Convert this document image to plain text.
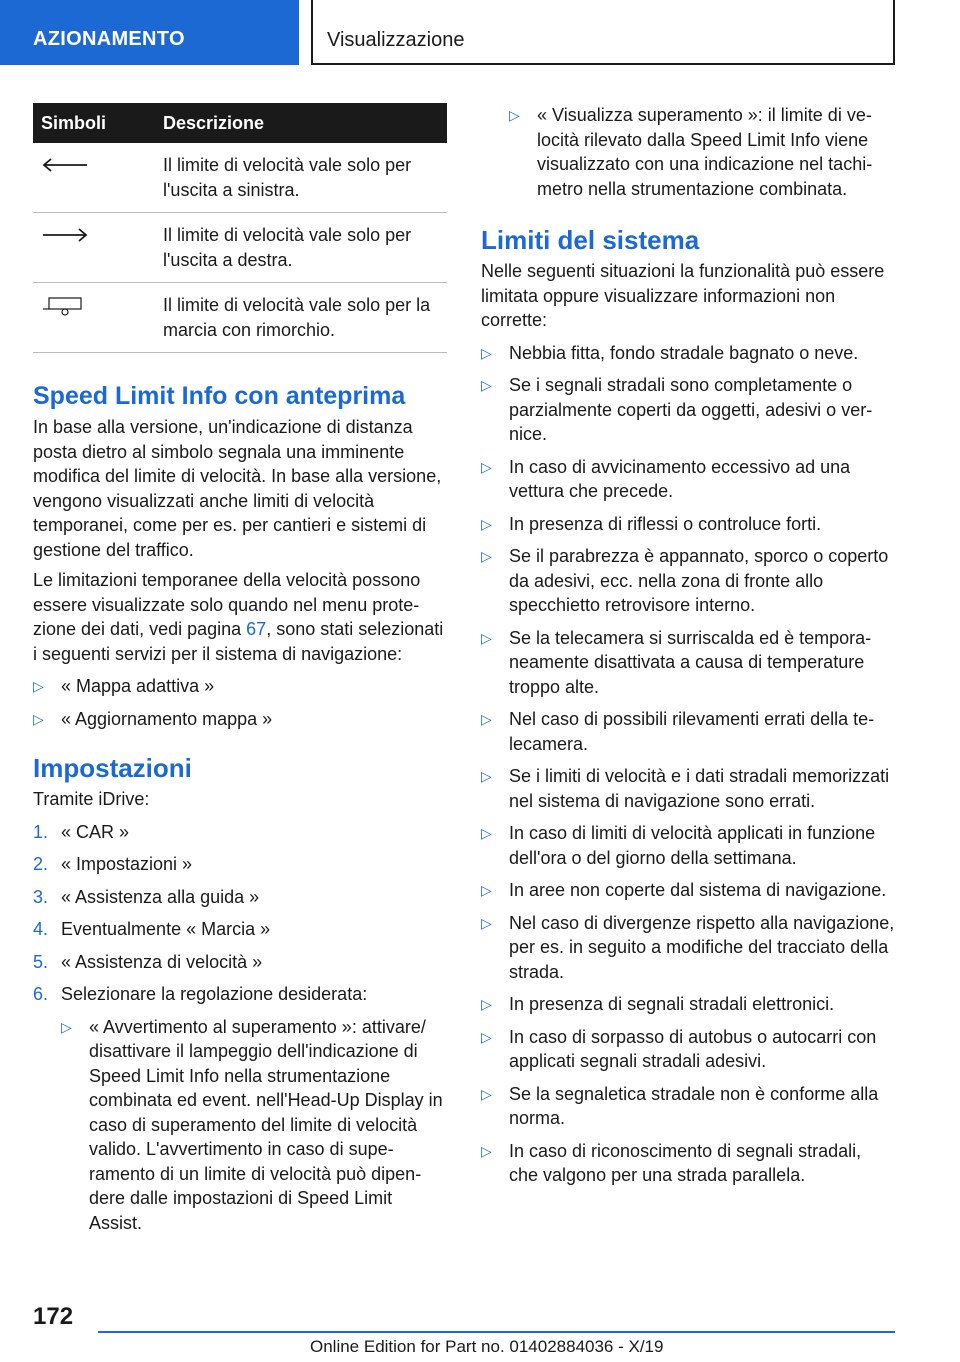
AZIONAMENTO	Visualizzazione
Simboli	Descrizione
	Il limite di velocità vale solo per l'uscita a sinistra.
	Il limite di velocità vale solo per l'uscita a destra.
	Il limite di velocità vale solo per la marcia con rimorchio.
Speed Limit Info con anteprima

In base alla versione, un'indicazione di distanza posta dietro al simbolo segnala una imminente modifica del limite di velocità. In base alla versione, vengono visualizzati anche limiti di velocità temporanei, come per es. per cantieri e sistemi di gestione del traffico.

Le limitazioni temporanee della velocità possono essere visualizzate solo quando nel menu protezione dei dati, vedi pagina 67, sono stati selezionati i seguenti servizi per il sistema di navigazione:

▷ « Mappa adattiva »
▷ « Aggiornamento mappa »
Impostazioni

Tramite iDrive:

1. « CAR »
2. « Impostazioni »
3. « Assistenza alla guida »
4. Eventualmente « Marcia »
5. « Assistenza di velocità »
6. Selezionare la regolazione desiderata:
▷ « Avvertimento al superamento »: attivare/ disattivare il lampeggio dell'indicazione di Speed Limit Info nella strumentazione combinata ed event. nell'Head-Up Display in caso di superamento del limite di velocità valido. L'avvertimento in caso di superamento di un limite di velocità può dipendere dalle impostazioni di Speed Limit Assist.
▷ « Visualizza superamento »: il limite di velocità rilevato dalla Speed Limit Info viene visualizzato con una indicazione nel tachimetro nella strumentazione combinata.
Limiti del sistema

Nelle seguenti situazioni la funzionalità può essere limitata oppure visualizzare informazioni non corrette:

▷ Nebbia fitta, fondo stradale bagnato o neve.
▷ Se i segnali stradali sono completamente o parzialmente coperti da oggetti, adesivi o vernice.
▷ In caso di avvicinamento eccessivo ad una vettura che precede.
▷ In presenza di riflessi o controluce forti.
▷ Se il parabrezza è appannato, sporco o coperto da adesivi, ecc. nella zona di fronte allo specchietto retrovisore interno.
▷ Se la telecamera si surriscalda ed è temporaneamente disattivata a causa di temperature troppo alte.
▷ Nel caso di possibili rilevamenti errati della telecamera.
▷ Se i limiti di velocità e i dati stradali memorizzati nel sistema di navigazione sono errati.
▷ In caso di limiti di velocità applicati in funzione dell'ora o del giorno della settimana.
▷ In aree non coperte dal sistema di navigazione.
▷ Nel caso di divergenze rispetto alla navigazione, per es. in seguito a modifiche del tracciato della strada.
▷ In presenza di segnali stradali elettronici.
▷ In caso di sorpasso di autobus o autocarri con applicati segnali stradali adesivi.
▷ Se la segnaletica stradale non è conforme alla norma.
▷ In caso di riconoscimento di segnali stradali, che valgono per una strada parallela.
172
Online Edition for Part no. 01402884036 - X/19
